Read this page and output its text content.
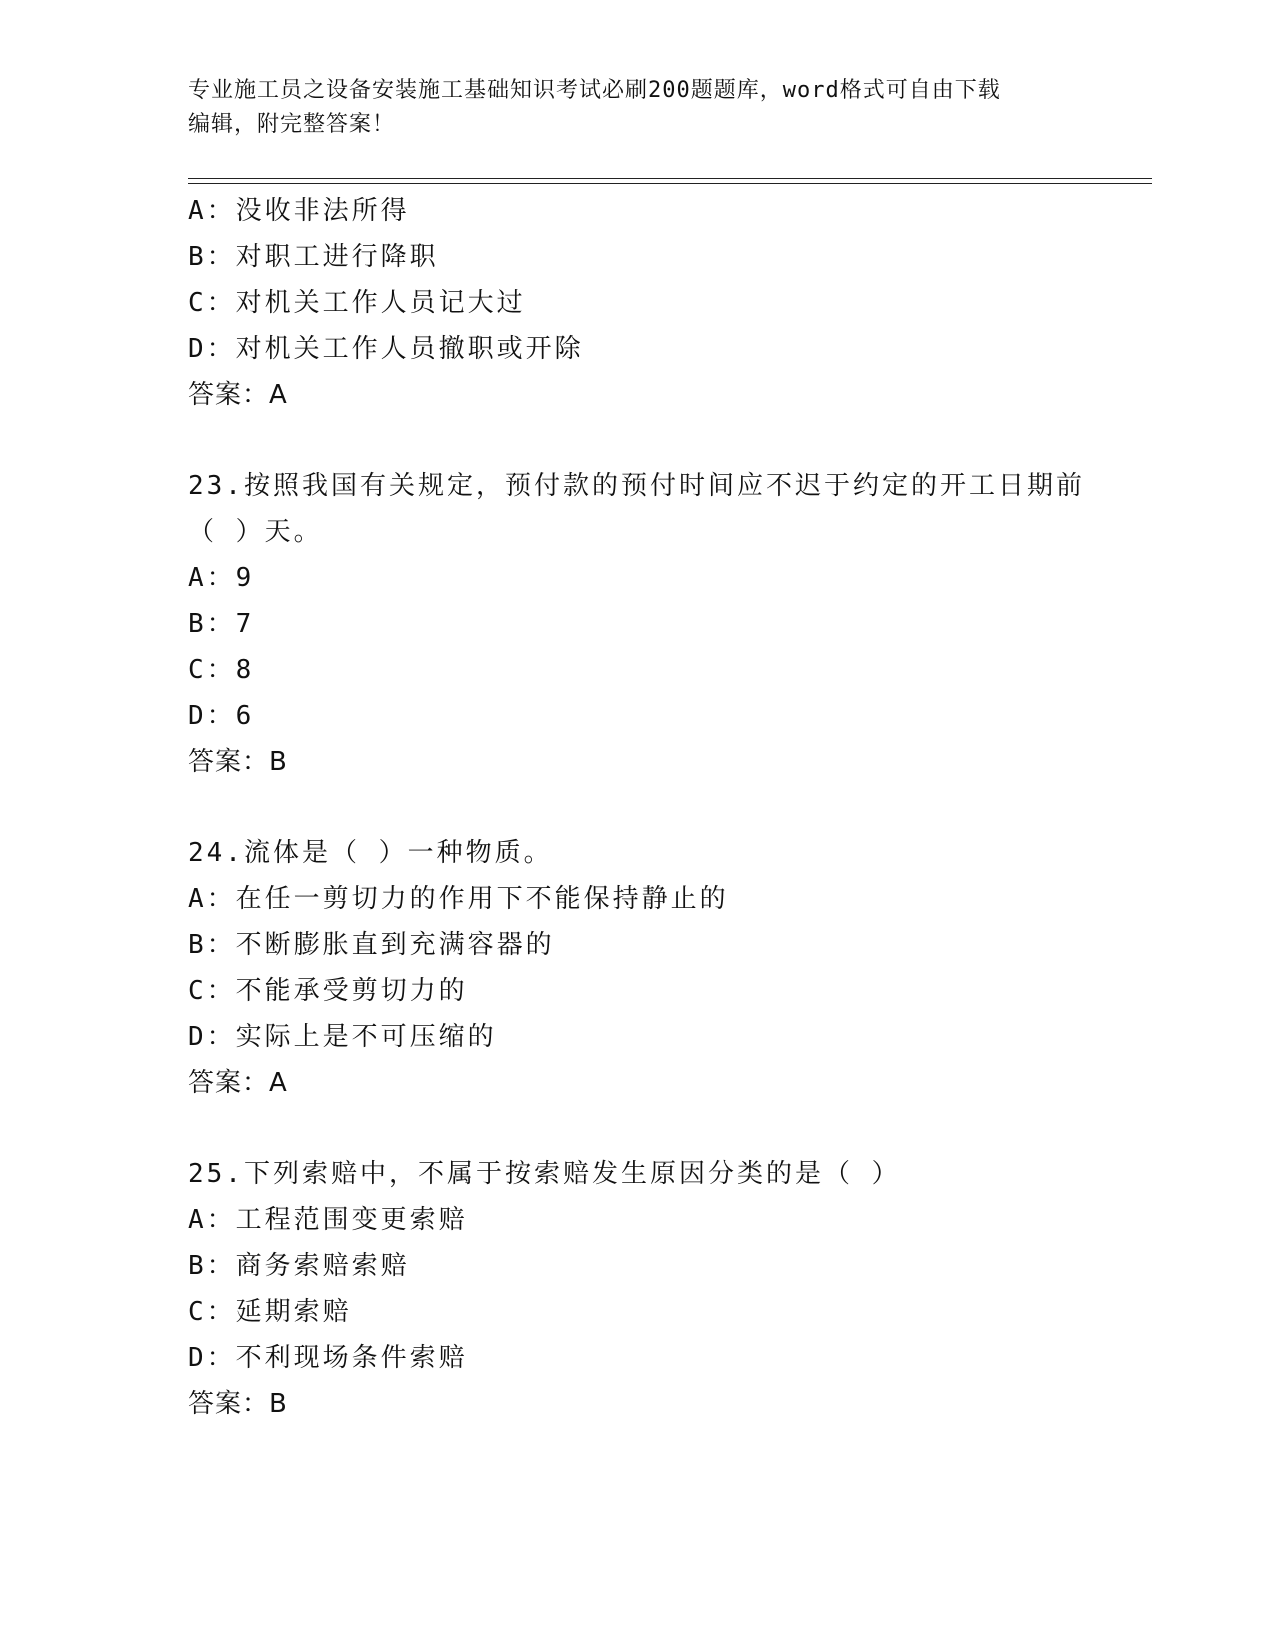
专业施工员之设备安装施工基础知识考试必刷200题题库，word格式可自由下载
编辑，附完整答案！
A：没收非法所得
B：对职工进行降职
C：对机关工作人员记大过
D：对机关工作人员撤职或开除
答案：A
23.按照我国有关规定，预付款的预付时间应不迟于约定的开工日期前
（ ）天。
A：9
B：7
C：8
D：6
答案：B
24.流体是（ ）一种物质。
A：在任一剪切力的作用下不能保持静止的
B：不断膨胀直到充满容器的
C：不能承受剪切力的
D：实际上是不可压缩的
答案：A
25.下列索赔中，不属于按索赔发生原因分类的是（ ）
A：工程范围变更索赔
B：商务索赔索赔
C：延期索赔
D：不利现场条件索赔
答案：B
